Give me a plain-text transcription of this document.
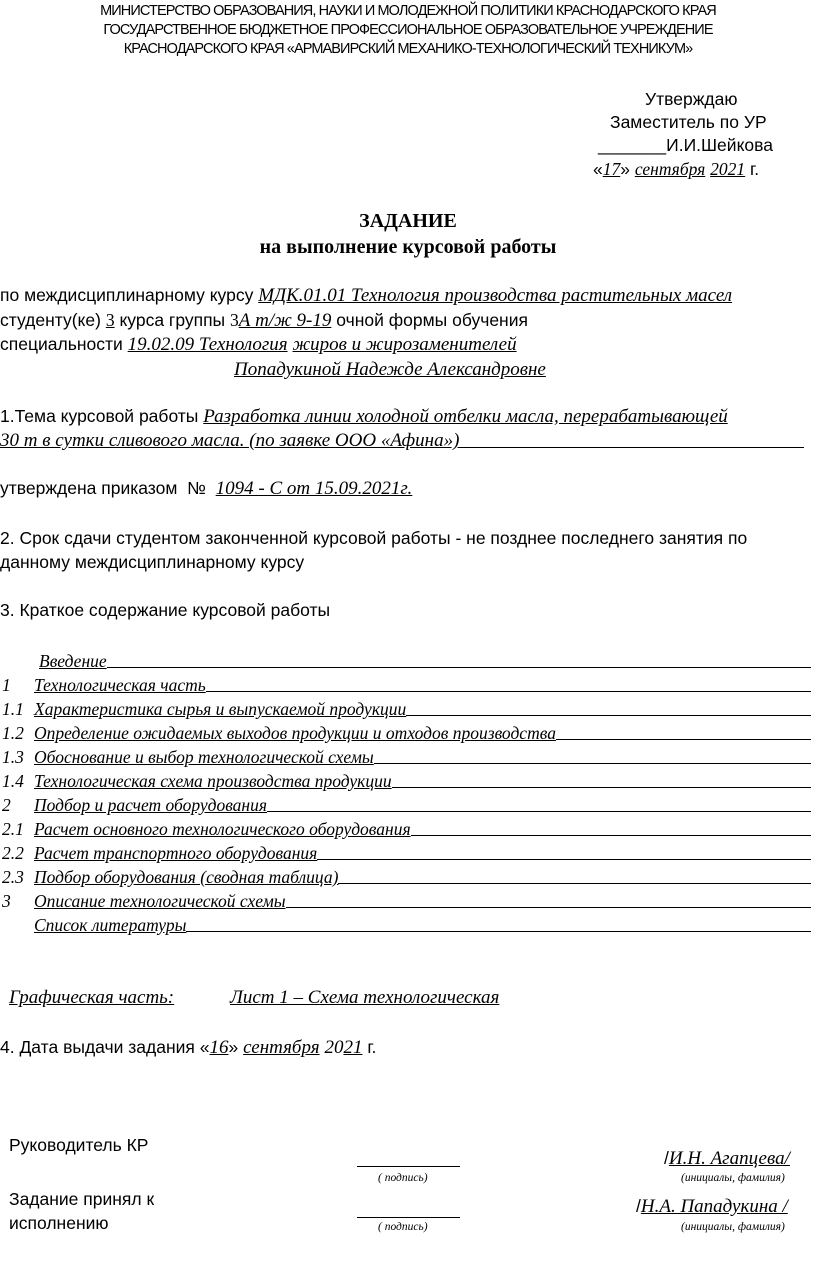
МИНИСТЕРСТВО ОБРАЗОВАНИЯ, НАУКИ И МОЛОДЕЖНОЙ ПОЛИТИКИ КРАСНОДАРСКОГО КРАЯ
ГОСУДАРСТВЕННОЕ БЮДЖЕТНОЕ ПРОФЕССИОНАЛЬНОЕ ОБРАЗОВАТЕЛЬНОЕ УЧРЕЖДЕНИЕ
КРАСНОДАРСКОГО КРАЯ «АРМАВИРСКИЙ МЕХАНИКО-ТЕХНОЛОГИЧЕСКИЙ ТЕХНИКУМ»
Утверждаю
Заместитель по УР
_______И.И.Шейкова
«17» сентября 2021 г.
ЗАДАНИЕ
на выполнение курсовой работы
по междисциплинарному курсу МДК.01.01 Технология производства растительных масел
студенту(ке) 3 курса группы 3А т/ж 9-19 очной формы обучения
специальности 19.02.09 Технология жиров и жирозаменителей
Попадукиной Надежде Александровне
1.Тема курсовой работы Разработка линии холодной отбелки масла, перерабатывающей
30 т в сутки сливового масла. (по заявке ООО «Афина»)
утверждена приказом № 1094 - С от 15.09.2021г.
2. Срок сдачи студентом законченной курсовой работы - не позднее последнего занятия по
данному междисциплинарному курсу
3. Краткое содержание курсовой работы
Введение
1	Технологическая часть
1.1 Характеристика сырья и выпускаемой продукции
1.2 Определение ожидаемых выходов продукции и отходов производства
1.3 Обоснование и выбор технологической схемы
1.4 Технологическая схема производства продукции
2	Подбор и расчет оборудования
2.1 Расчет основного технологического оборудования
2.2 Расчет транспортного оборудования
2.3 Подбор оборудования (сводная таблица)
3	Описание технологической схемы
Список литературы
Графическая часть:	Лист 1 – Схема технологическая
4. Дата выдачи задания «16» сентября 2021 г.
Руководитель КР
( подпись)
/И.Н. Агапцева/
(инициалы, фамилия)
Задание принял к
исполнению	( подпись)
/Н.А. Пападукина /
(инициалы, фамилия)
